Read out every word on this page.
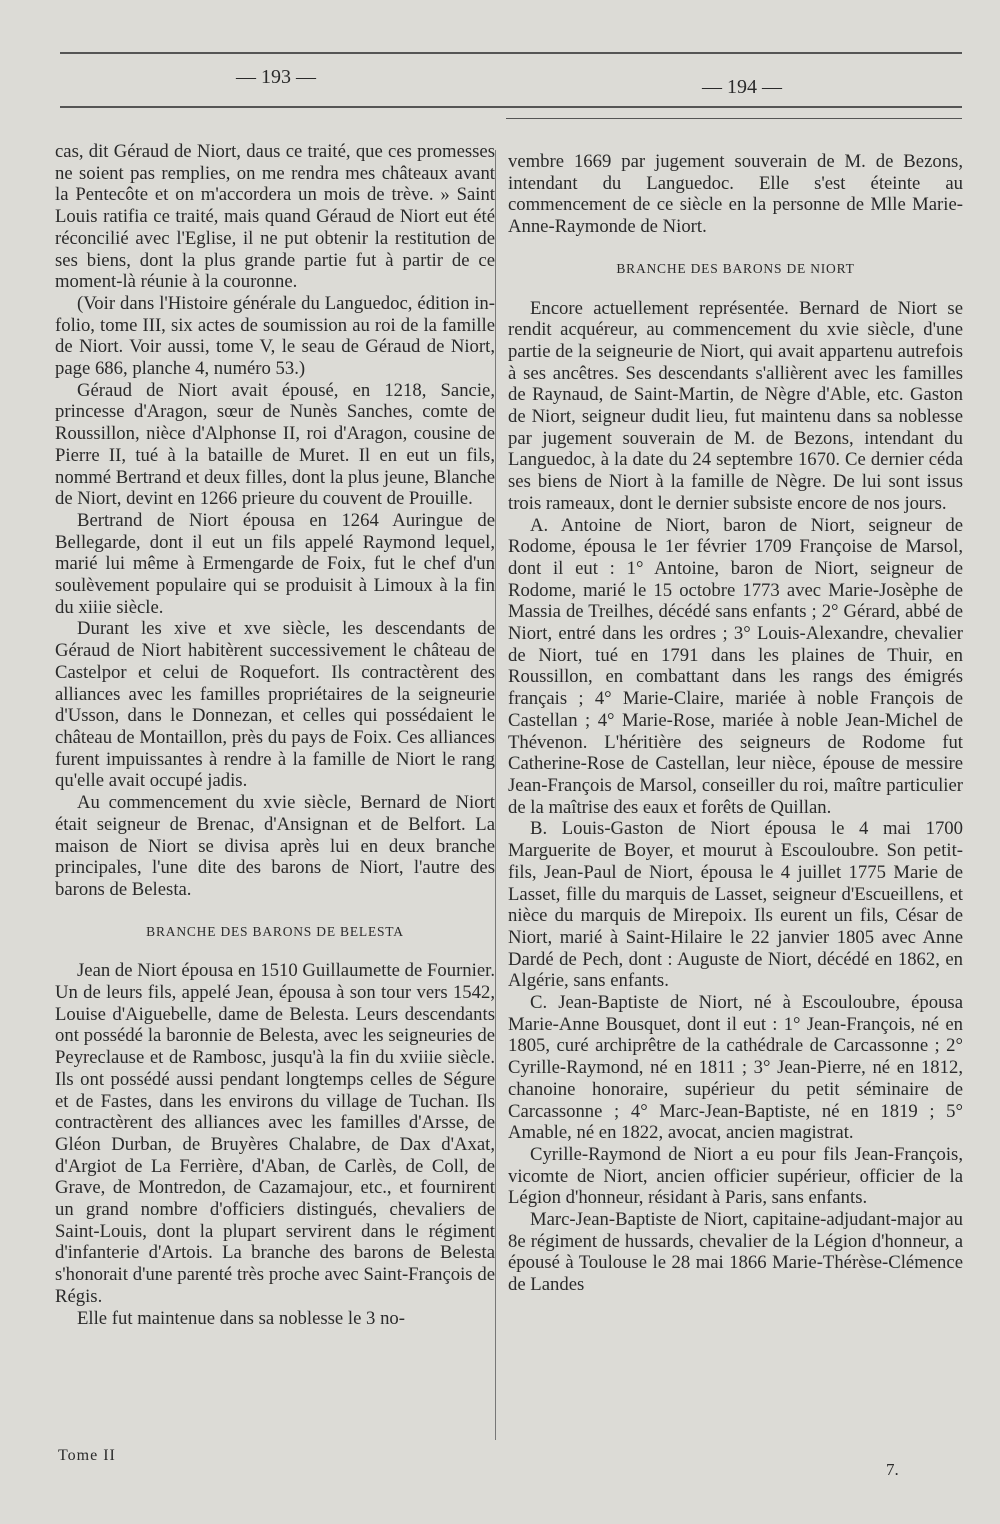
— 193 —	— 194 —

cas, dit Géraud de Niort, daus ce traité, que ces promesses ne soient pas remplies, on me rendra mes châteaux avant la Pentecôte et on m'accordera un mois de trève. » Saint Louis ratifia ce traité, mais quand Géraud de Niort eut été réconcilié avec l'Eglise, il ne put obtenir la restitution de ses biens, dont la plus grande partie fut à partir de ce moment-là réunie à la couronne.

(Voir dans l'Histoire générale du Languedoc, édition in-folio, tome III, six actes de soumission au roi de la famille de Niort. Voir aussi, tome V, le seau de Géraud de Niort, page 686, planche 4, numéro 53.)

Géraud de Niort avait épousé, en 1218, Sancie, princesse d'Aragon, sœur de Nunès Sanches, comte de Roussillon, nièce d'Alphonse II, roi d'Aragon, cousine de Pierre II, tué à la bataille de Muret. Il en eut un fils, nommé Bertrand et deux filles, dont la plus jeune, Blanche de Niort, devint en 1266 prieure du couvent de Prouille.

Bertrand de Niort épousa en 1264 Auringue de Bellegarde, dont il eut un fils appelé Raymond lequel, marié lui même à Ermengarde de Foix, fut le chef d'un soulèvement populaire qui se produisit à Limoux à la fin du xiiie siècle.

Durant les xive et xve siècle, les descendants de Géraud de Niort habitèrent successivement le château de Castelpor et celui de Roquefort. Ils contractèrent des alliances avec les familles propriétaires de la seigneurie d'Usson, dans le Donnezan, et celles qui possédaient le château de Montaillon, près du pays de Foix. Ces alliances furent impuissantes à rendre à la famille de Niort le rang qu'elle avait occupé jadis.

Au commencement du xvie siècle, Bernard de Niort était seigneur de Brenac, d'Ansignan et de Belfort. La maison de Niort se divisa après lui en deux branche principales, l'une dite des barons de Niort, l'autre des barons de Belesta.

BRANCHE DES BARONS DE BELESTA

Jean de Niort épousa en 1510 Guillaumette de Fournier. Un de leurs fils, appelé Jean, épousa à son tour vers 1542, Louise d'Aiguebelle, dame de Belesta. Leurs descendants ont possédé la baronnie de Belesta, avec les seigneuries de Peyreclause et de Rambosc, jusqu'à la fin du xviiie siècle. Ils ont possédé aussi pendant longtemps celles de Ségure et de Fastes, dans les environs du village de Tuchan. Ils contractèrent des alliances avec les familles d'Arsse, de Gléon Durban, de Bruyères Chalabre, de Dax d'Axat, d'Argiot de La Ferrière, d'Aban, de Carlès, de Coll, de Grave, de Montredon, de Cazamajour, etc., et fournirent un grand nombre d'officiers distingués, chevaliers de Saint-Louis, dont la plupart servirent dans le régiment d'infanterie d'Artois. La branche des barons de Belesta s'honorait d'une parenté très proche avec Saint-François de Régis.

Elle fut maintenue dans sa noblesse le 3 no-

vembre 1669 par jugement souverain de M. de Bezons, intendant du Languedoc. Elle s'est éteinte au commencement de ce siècle en la personne de Mlle Marie-Anne-Raymonde de Niort.

BRANCHE DES BARONS DE NIORT

Encore actuellement représentée. Bernard de Niort se rendit acquéreur, au commencement du xvie siècle, d'une partie de la seigneurie de Niort, qui avait appartenu autrefois à ses ancêtres. Ses descendants s'allièrent avec les familles de Raynaud, de Saint-Martin, de Nègre d'Able, etc. Gaston de Niort, seigneur dudit lieu, fut maintenu dans sa noblesse par jugement souverain de M. de Bezons, intendant du Languedoc, à la date du 24 septembre 1670. Ce dernier céda ses biens de Niort à la famille de Nègre. De lui sont issus trois rameaux, dont le dernier subsiste encore de nos jours.

A. Antoine de Niort, baron de Niort, seigneur de Rodome, épousa le 1er février 1709 Françoise de Marsol, dont il eut : 1° Antoine, baron de Niort, seigneur de Rodome, marié le 15 octobre 1773 avec Marie-Josèphe de Massia de Treilhes, décédé sans enfants ; 2° Gérard, abbé de Niort, entré dans les ordres ; 3° Louis-Alexandre, chevalier de Niort, tué en 1791 dans les plaines de Thuir, en Roussillon, en combattant dans les rangs des émigrés français ; 4° Marie-Claire, mariée à noble François de Castellan ; 4° Marie-Rose, mariée à noble Jean-Michel de Thévenon. L'héritière des seigneurs de Rodome fut Catherine-Rose de Castellan, leur nièce, épouse de messire Jean-François de Marsol, conseiller du roi, maître particulier de la maîtrise des eaux et forêts de Quillan.

B. Louis-Gaston de Niort épousa le 4 mai 1700 Marguerite de Boyer, et mourut à Escouloubre. Son petit-fils, Jean-Paul de Niort, épousa le 4 juillet 1775 Marie de Lasset, fille du marquis de Lasset, seigneur d'Escueillens, et nièce du marquis de Mirepoix. Ils eurent un fils, César de Niort, marié à Saint-Hilaire le 22 janvier 1805 avec Anne Dardé de Pech, dont : Auguste de Niort, décédé en 1862, en Algérie, sans enfants.

C. Jean-Baptiste de Niort, né à Escouloubre, épousa Marie-Anne Bousquet, dont il eut : 1° Jean-François, né en 1805, curé archiprêtre de la cathédrale de Carcassonne ; 2° Cyrille-Raymond, né en 1811 ; 3° Jean-Pierre, né en 1812, chanoine honoraire, supérieur du petit séminaire de Carcassonne ; 4° Marc-Jean-Baptiste, né en 1819 ; 5° Amable, né en 1822, avocat, ancien magistrat.

Cyrille-Raymond de Niort a eu pour fils Jean-François, vicomte de Niort, ancien officier supérieur, officier de la Légion d'honneur, résidant à Paris, sans enfants.

Marc-Jean-Baptiste de Niort, capitaine-adjudant-major au 8e régiment de hussards, chevalier de la Légion d'honneur, a épousé à Toulouse le 28 mai 1866 Marie-Thérèse-Clémence de Landes

Tome II
7.
